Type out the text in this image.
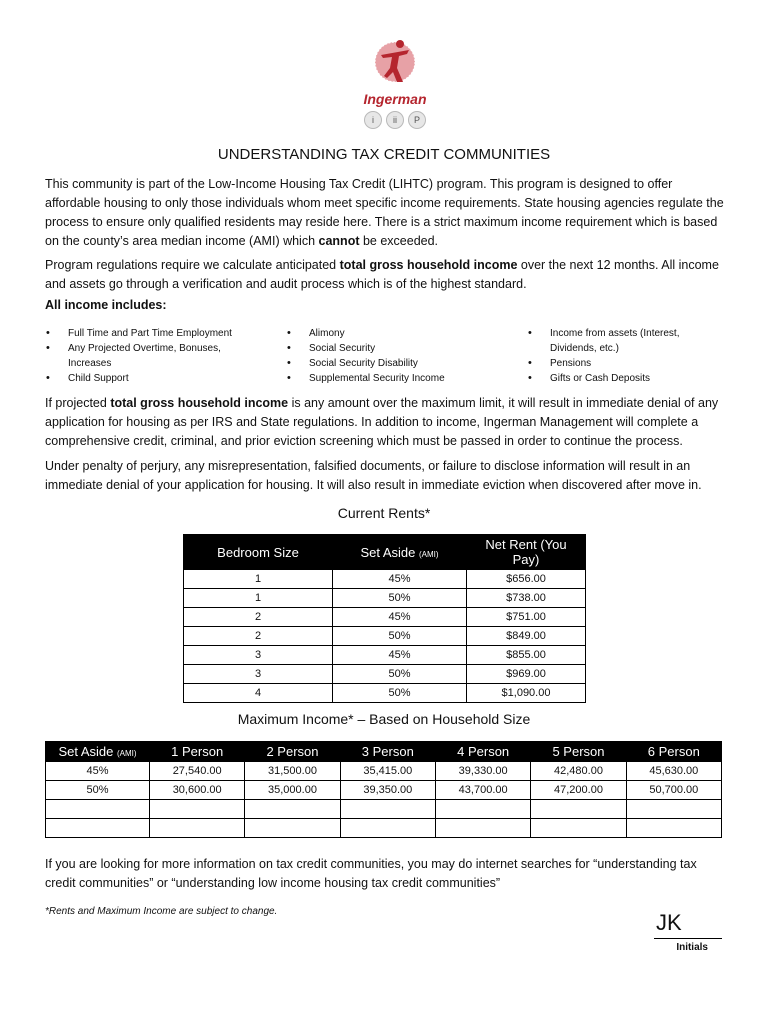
Ingerman
i	ii	P
UNDERSTANDING TAX CREDIT COMMUNITIES
This community is part of the Low-Income Housing Tax Credit (LIHTC) program. This program is designed to offer affordable housing to only those individuals whom meet specific income requirements. State housing agencies regulate the process to ensure only qualified residents may reside here. There is a strict maximum income requirement which is based on the county’s area median income (AMI) which cannot be exceeded.
Program regulations require we calculate anticipated total gross household income over the next 12 months. All income and assets go through a verification and audit process which is of the highest standard.
All income includes:
• Full Time and Part Time Employment
• Any Projected Overtime, Bonuses, Increases
• Child Support
• Alimony
• Social Security
• Social Security Disability
• Supplemental Security Income
• Income from assets (Interest, Dividends, etc.)
• Pensions
• Gifts or Cash Deposits
If projected total gross household income is any amount over the maximum limit, it will result in immediate denial of any application for housing as per IRS and State regulations. In addition to income, Ingerman Management will complete a comprehensive credit, criminal, and prior eviction screening which must be passed in order to continue the process.
Under penalty of perjury, any misrepresentation, falsified documents, or failure to disclose information will result in an immediate denial of your application for housing. It will also result in immediate eviction when discovered after move in.
Current Rents*
Bedroom Size	Set Aside (AMI)	Net Rent (You Pay)
1	45%	$656.00
1	50%	$738.00
2	45%	$751.00
2	50%	$849.00
3	45%	$855.00
3	50%	$969.00
4	50%	$1,090.00
Maximum Income* – Based on Household Size
Set Aside (AMI)	1 Person	2 Person	3 Person	4 Person	5 Person	6 Person
45%	27,540.00	31,500.00	35,415.00	39,330.00	42,480.00	45,630.00
50%	30,600.00	35,000.00	39,350.00	43,700.00	47,200.00	50,700.00

If you are looking for more information on tax credit communities, you may do internet searches for “understanding tax credit communities” or “understanding low income housing tax credit communities”
*Rents and Maximum Income are subject to change.	JK
Initials
